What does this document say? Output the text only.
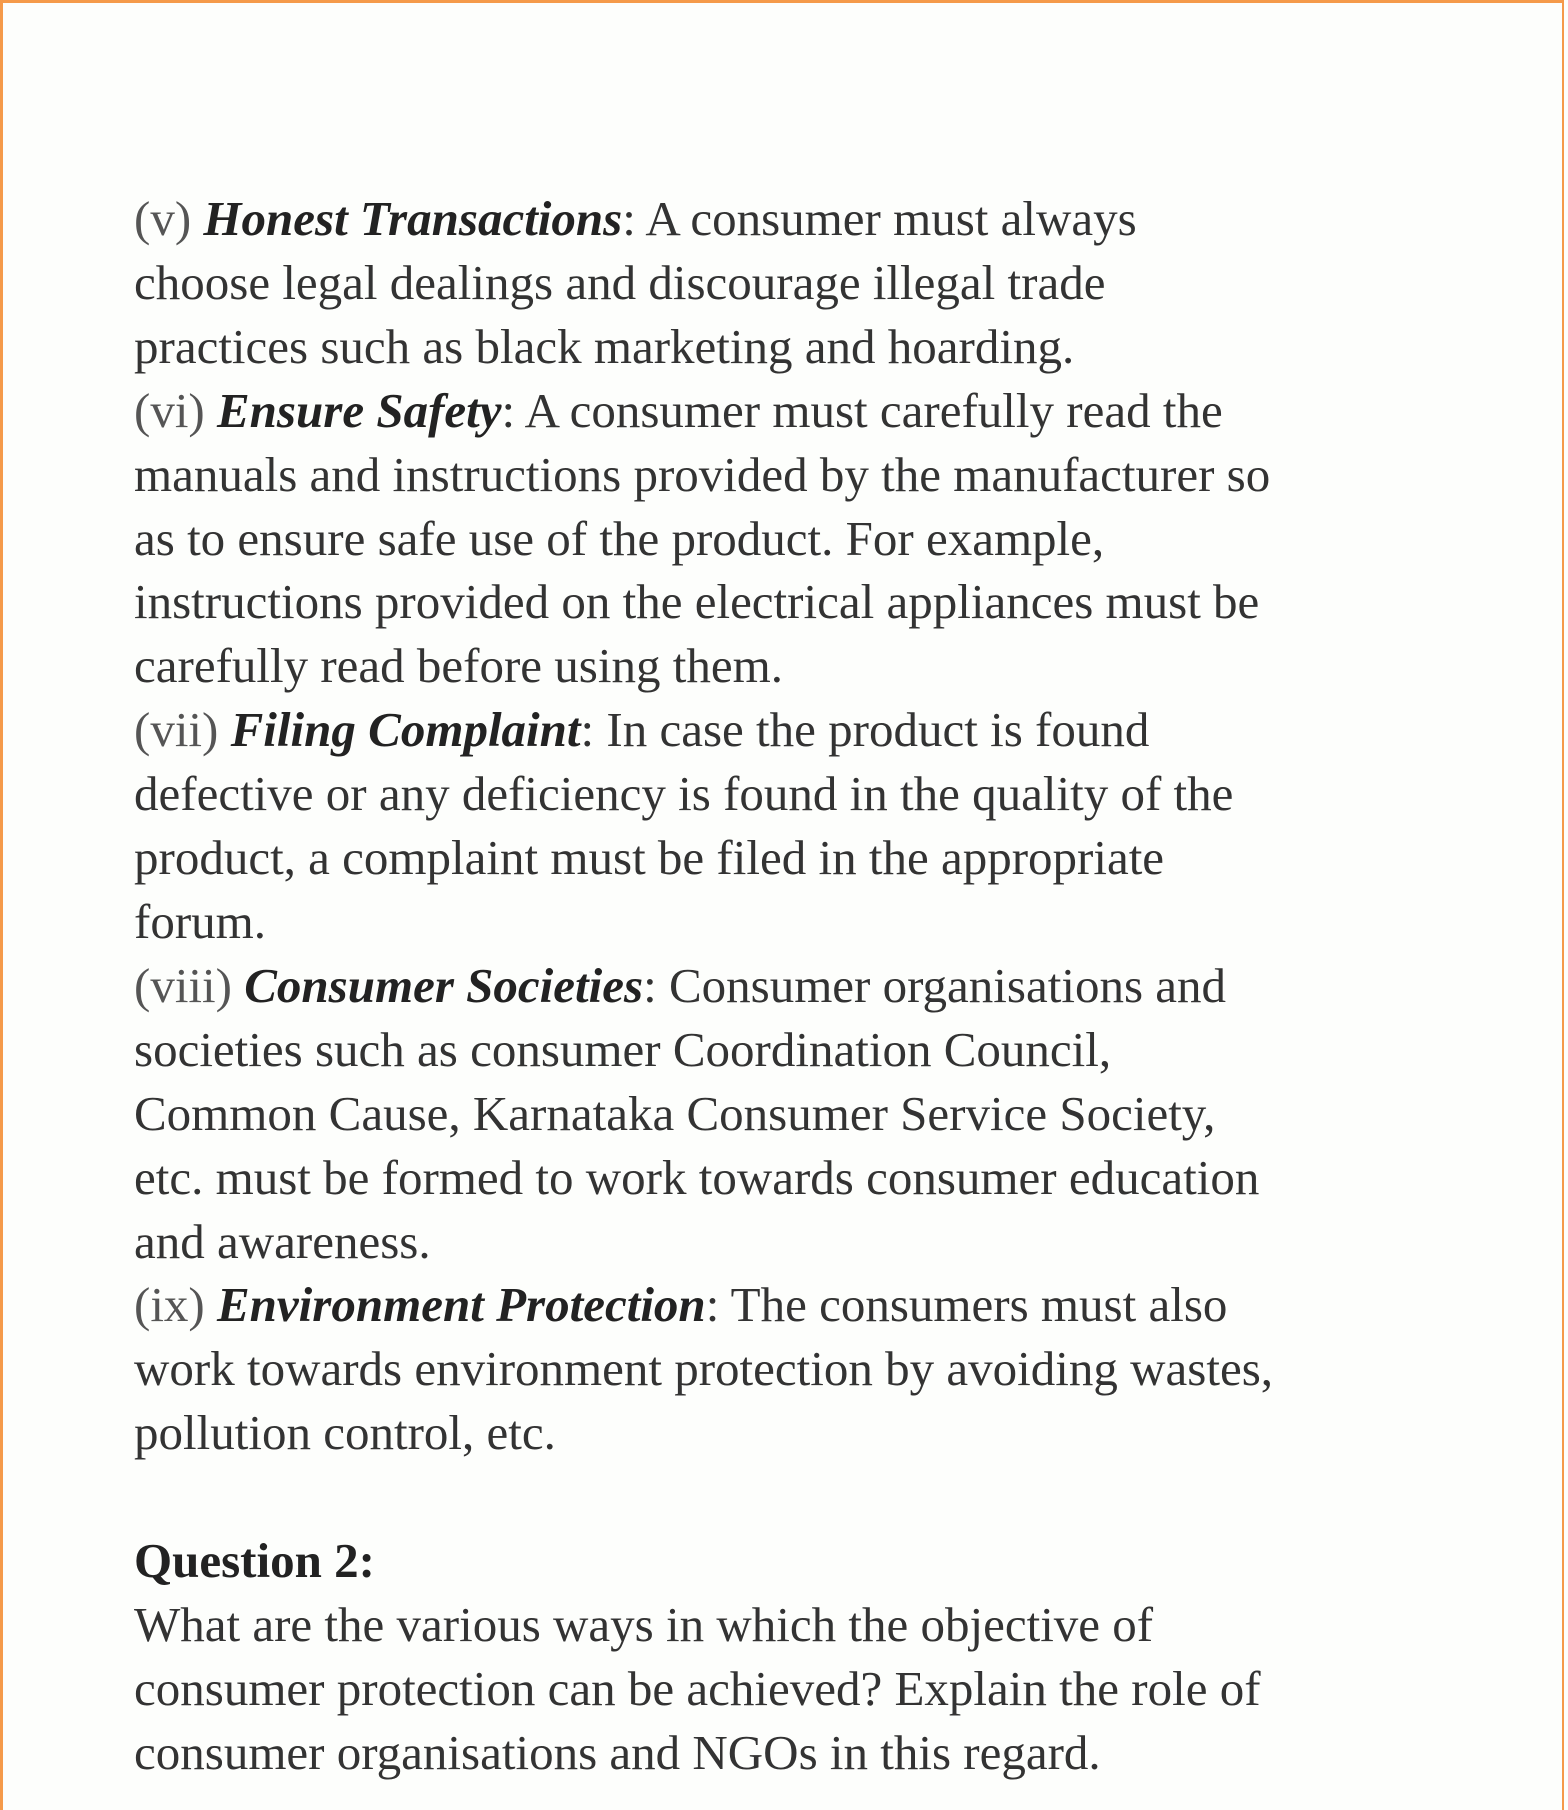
(v) Honest Transactions: A consumer must always
choose legal dealings and discourage illegal trade
practices such as black marketing and hoarding.
(vi) Ensure Safety: A consumer must carefully read the
manuals and instructions provided by the manufacturer so
as to ensure safe use of the product. For example,
instructions provided on the electrical appliances must be
carefully read before using them.
(vii) Filing Complaint: In case the product is found
defective or any deficiency is found in the quality of the
product, a complaint must be filed in the appropriate
forum.
(viii) Consumer Societies: Consumer organisations and
societies such as consumer Coordination Council,
Common Cause, Karnataka Consumer Service Society,
etc. must be formed to work towards consumer education
and awareness.
(ix) Environment Protection: The consumers must also
work towards environment protection by avoiding wastes,
pollution control, etc.
Question 2:
What are the various ways in which the objective of
consumer protection can be achieved? Explain the role of
consumer organisations and NGOs in this regard.
